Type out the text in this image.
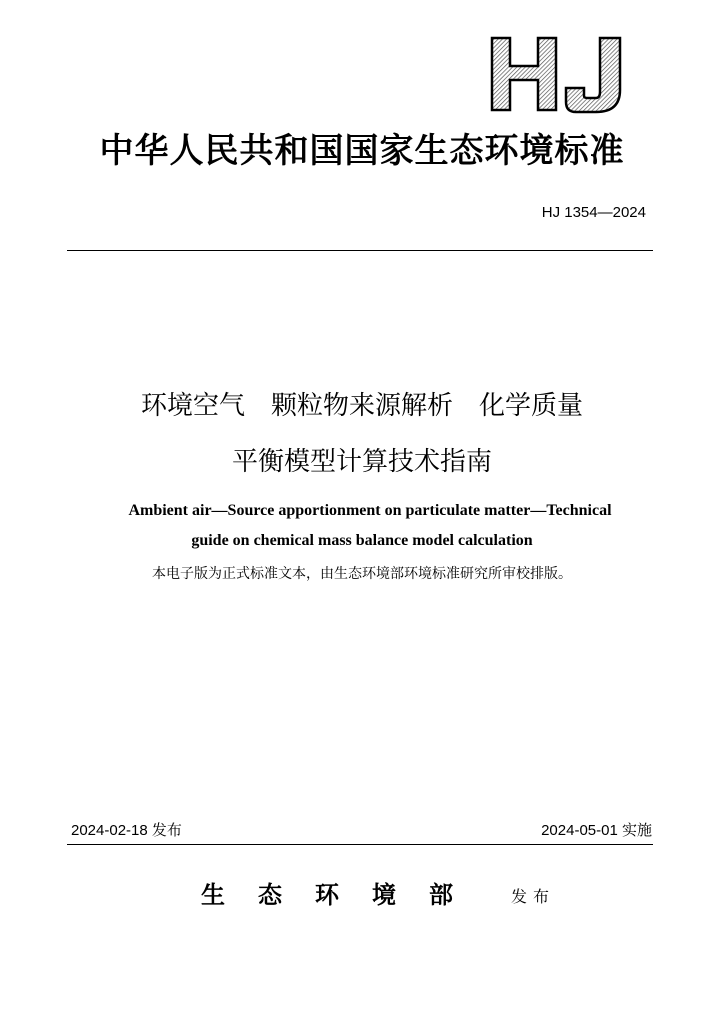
中华人民共和国国家生态环境标准
HJ 1354—2024
环境空气　颗粒物来源解析　化学质量
平衡模型计算技术指南
Ambient air—Source apportionment on particulate matter—Technical
guide on chemical mass balance model calculation
本电子版为正式标准文本，由生态环境部环境标准研究所审校排版。
2024-02-18 发布	2024-05-01 实施
生态环境部 发布
